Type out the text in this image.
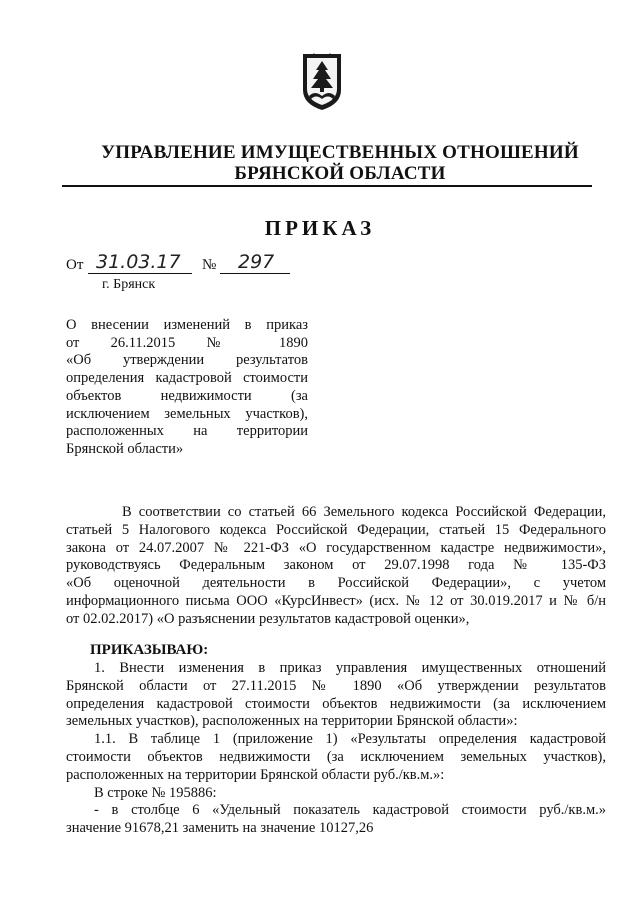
УПРАВЛЕНИЕ ИМУЩЕСТВЕННЫХ ОТНОШЕНИЙ
БРЯНСКОЙ ОБЛАСТИ
ПРИКАЗ
От 31.03.17 № 297
г. Брянск
О внесении изменений в приказ
от 26.11.2015 № 1890
«Об утверждении результатов
определения кадастровой стоимости
объектов недвижимости (за
исключением земельных участков),
расположенных на территории
Брянской области»
В соответствии со статьей 66 Земельного кодекса Российской Федерации,
статьей 5 Налогового кодекса Российской Федерации, статьей 15 Федерального
закона от 24.07.2007 № 221-ФЗ «О государственном кадастре недвижимости»,
руководствуясь Федеральным законом от 29.07.1998 года № 135-ФЗ
«Об оценочной деятельности в Российской Федерации», с учетом
информационного письма ООО «КурсИнвест» (исх. № 12 от 30.019.2017 и № б/н
от 02.02.2017) «О разъяснении результатов кадастровой оценки»,
ПРИКАЗЫВАЮ:
1. Внести изменения в приказ управления имущественных отношений
Брянской области от 27.11.2015 № 1890 «Об утверждении результатов
определения кадастровой стоимости объектов недвижимости (за исключением
земельных участков), расположенных на территории Брянской области»:
1.1. В таблице 1 (приложение 1) «Результаты определения кадастровой
стоимости объектов недвижимости (за исключением земельных участков),
расположенных на территории Брянской области руб./кв.м.»:
В строке № 195886:
- в столбце 6 «Удельный показатель кадастровой стоимости руб./кв.м.»
значение 91678,21 заменить на значение 10127,26
